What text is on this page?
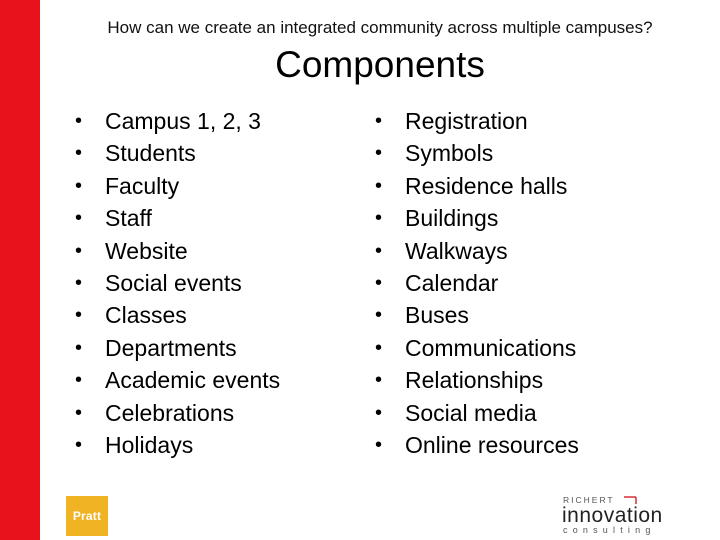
How can we create an integrated community across multiple campuses?
Components
• Campus 1, 2, 3
• Students
• Faculty
• Staff
• Website
• Social events
• Classes
• Departments
• Academic events
• Celebrations
• Holidays
• Registration
• Symbols
• Residence halls
• Buildings
• Walkways
• Calendar
• Buses
• Communications
• Relationships
• Social media
• Online resources
Pratt
RICHERT
innovation
consulting
